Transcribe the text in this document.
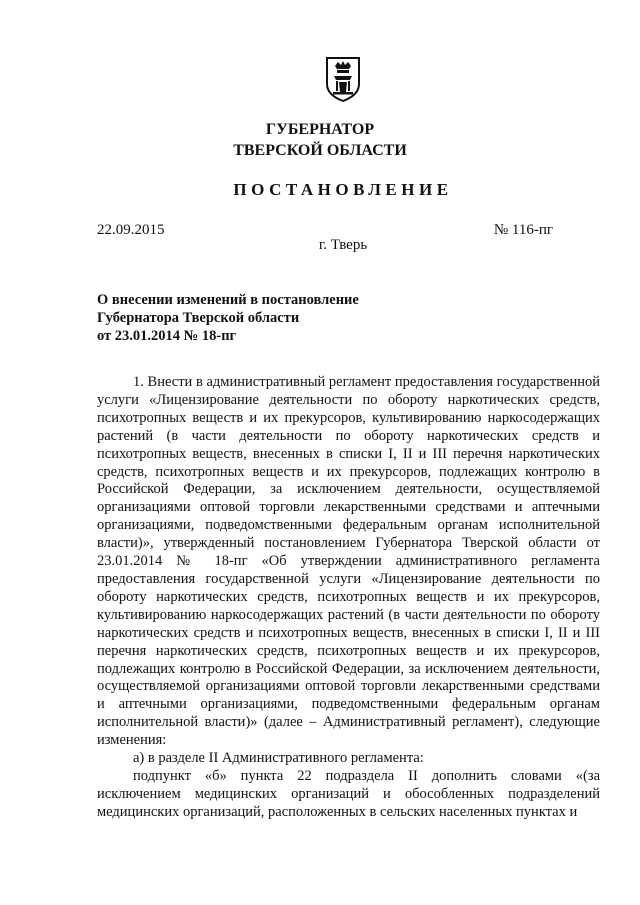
ГУБЕРНАТОР
ТВЕРСКОЙ ОБЛАСТИ
ПОСТАНОВЛЕНИЕ
22.09.2015	№ 116-пг
г. Тверь
О внесении изменений в постановление
Губернатора Тверской области
от 23.01.2014 № 18-пг

1. Внести в административный регламент предоставления государственной услуги «Лицензирование деятельности по обороту наркотических средств, психотропных веществ и их прекурсоров, культивированию наркосодержащих растений (в части деятельности по обороту наркотических средств и психотропных веществ, внесенных в списки I, II и III перечня наркотических средств, психотропных веществ и их прекурсоров, подлежащих контролю в Российской Федерации, за исключением деятельности, осуществляемой организациями оптовой торговли лекарственными средствами и аптечными организациями, подведомственными федеральным органам исполнительной власти)», утвержденный постановлением Губернатора Тверской области от 23.01.2014 № 18-пг «Об утверждении административного регламента предоставления государственной услуги «Лицензирование деятельности по обороту наркотических средств, психотропных веществ и их прекурсоров, культивированию наркосодержащих растений (в части деятельности по обороту наркотических средств и психотропных веществ, внесенных в списки I, II и III перечня наркотических средств, психотропных веществ и их прекурсоров, подлежащих контролю в Российской Федерации, за исключением деятельности, осуществляемой организациями оптовой торговли лекарственными средствами и аптечными организациями, подведомственными федеральным органам исполнительной власти)» (далее – Административный регламент), следующие изменения:

а) в разделе II Административного регламента:

подпункт «б» пункта 22 подраздела II дополнить словами «(за исключением медицинских организаций и обособленных подразделений медицинских организаций, расположенных в сельских населенных пунктах и
